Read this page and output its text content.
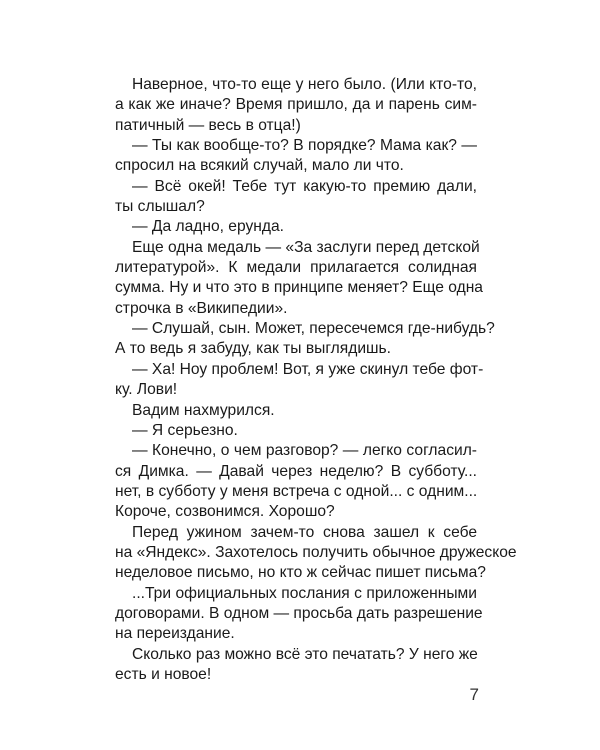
Наверное, что-то еще у него было. (Или кто-то,
а как же иначе? Время пришло, да и парень сим-
патичный — весь в отца!)
— Ты как вообще-то? В порядке? Мама как? —
спросил на всякий случай, мало ли что.
— Всё окей! Тебе тут какую-то премию дали,
ты слышал?
— Да ладно, ерунда.
Еще одна медаль — «За заслуги перед детской
литературой». К медали прилагается солидная
сумма. Ну и что это в принципе меняет? Еще одна
строчка в «Википедии».
— Слушай, сын. Может, пересечемся где-нибудь?
А то ведь я забуду, как ты выглядишь.
— Ха! Ноу проблем! Вот, я уже скинул тебе фот-
ку. Лови!
Вадим нахмурился.
— Я серьезно.
— Конечно, о чем разговор? — легко согласил-
ся Димка. — Давай через неделю? В субботу...
нет, в субботу у меня встреча с одной... с одним...
Короче, созвонимся. Хорошо?
Перед ужином зачем-то снова зашел к себе
на «Яндекс». Захотелось получить обычное дружеское
неделовое письмо, но кто ж сейчас пишет письма?
...Три официальных послания с приложенными
договорами. В одном — просьба дать разрешение
на переиздание.
Сколько раз можно всё это печатать? У него же
есть и новое!
7
